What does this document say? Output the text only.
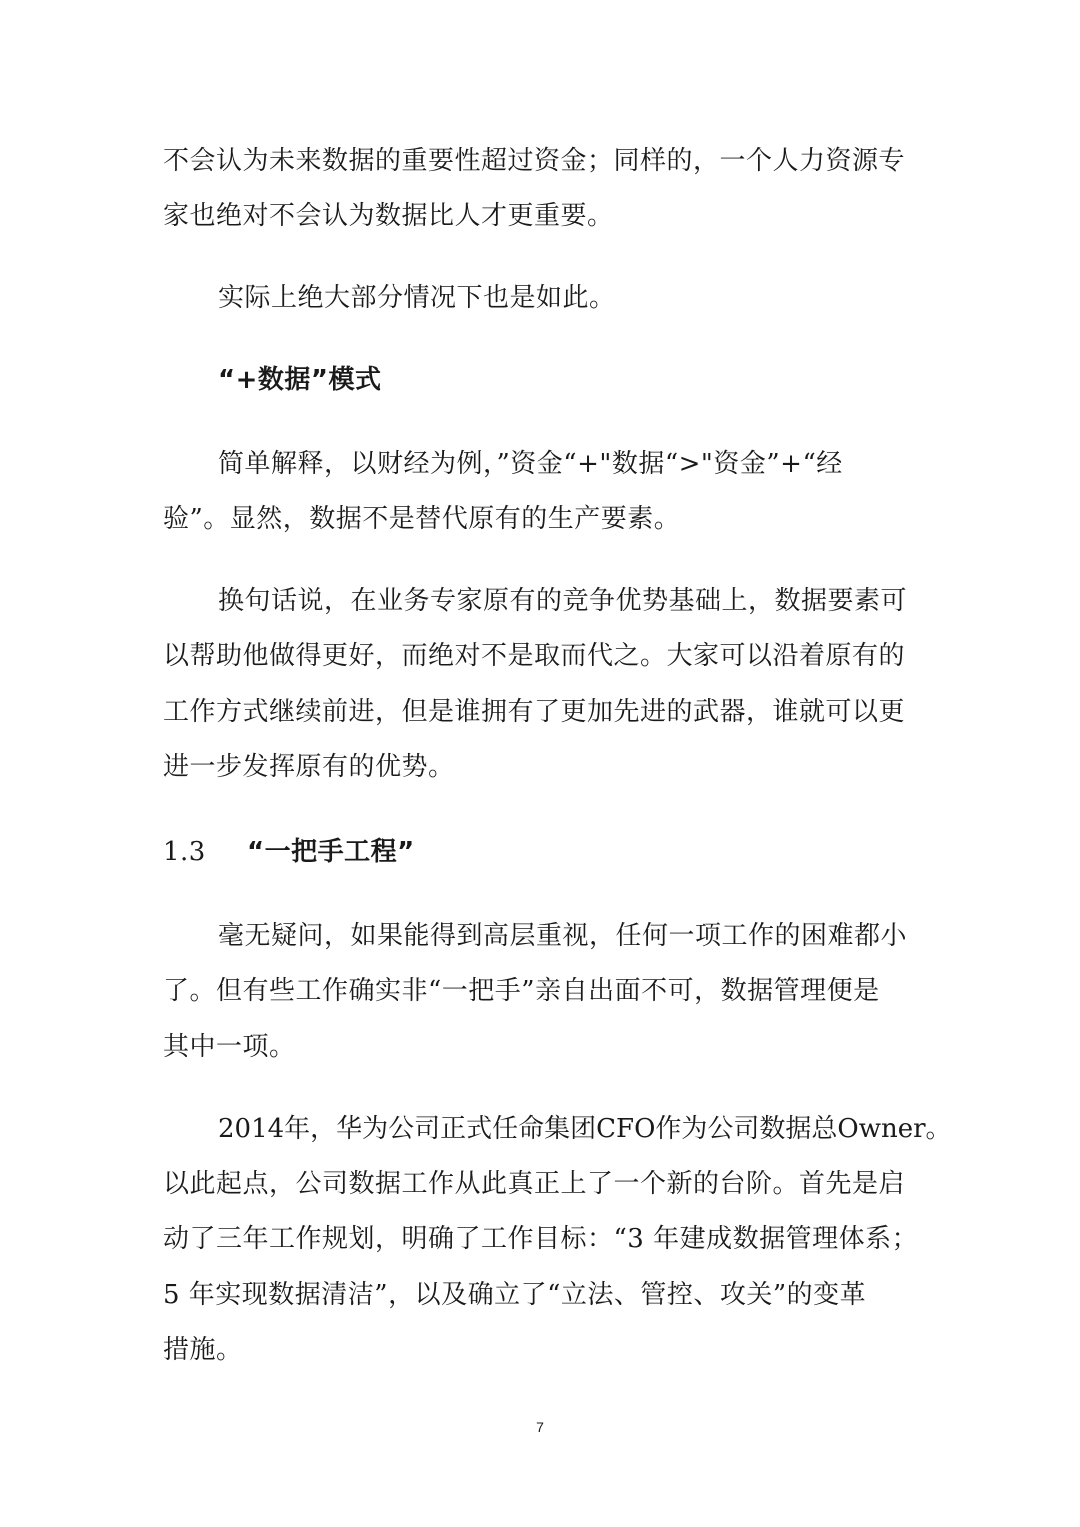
不会认为未来数据的重要性超过资金；同样的，一个人力资源专
家也绝对不会认为数据比人才更重要。
实际上绝大部分情况下也是如此。
“+数据”模式
简单解释，以财经为例，”资金“+"数据“>"资金”+“经
验”。显然，数据不是替代原有的生产要素。
换句话说，在业务专家原有的竞争优势基础上，数据要素可
以帮助他做得更好，而绝对不是取而代之。大家可以沿着原有的
工作方式继续前进，但是谁拥有了更加先进的武器，谁就可以更
进一步发挥原有的优势。
1.3 “一把手工程”
毫无疑问，如果能得到高层重视，任何一项工作的困难都小
了。但有些工作确实非“一把手”亲自出面不可，数据管理便是
其中一项。
2014年，华为公司正式任命集团CFO作为公司数据总Owner。
以此起点，公司数据工作从此真正上了一个新的台阶。首先是启
动了三年工作规划，明确了工作目标：“3 年建成数据管理体系；
5 年实现数据清洁”，以及确立了“立法、管控、攻关”的变革
措施。
7
